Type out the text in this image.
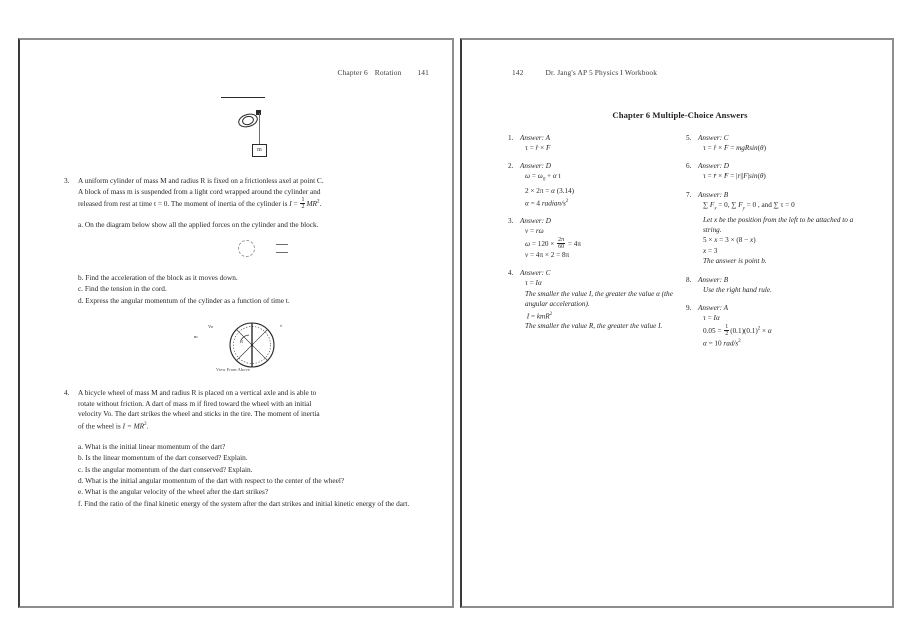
Chapter 6 Rotation 141
m
3.	A uniform cylinder of mass M and radius R is fixed on a frictionless axel at point C.
A block of mass m is suspended from a light cord wrapped around the cylinder and
released from rest at time t = 0. The moment of inertia of the cylinder is $I = \frac{1}{2} MR^2$.
a. On the diagram below show all the applied forces on the cylinder and the block.
b. Find the acceleration of the block as it moves down.
c. Find the tension in the cord.
d. Express the angular momentum of the cylinder as a function of time t.
Vo
m
v
R
View From Above
4.	A bicycle wheel of mass M and radius R is placed on a vertical axle and is able to
rotate without friction. A dart of mass m if fired toward the wheel with an initial
velocity Vo. The dart strikes the wheel and sticks in the tire. The moment of inertia
of the wheel is $I = MR^2$.
a. What is the initial linear momentum of the dart?
b. Is the linear momentum of the dart conserved? Explain.
c. Is the angular momentum of the dart conserved? Explain.
d. What is the initial angular momentum of the dart with respect to the center of the wheel?
e. What is the angular velocity of the wheel after the dart strikes?
f. Find the ratio of the final kinetic energy of the system after the dart strikes and initial kinetic energy of the dart.
142	Dr. Jang's AP 5 Physics I Workbook
Chapter 6 Multiple-Choice Answers
1. Answer: A
τ = r → × F →
2. Answer: D
$\omega = \omega_0 + \alpha$ t
2 × 2π = α (3.14)
α = 4 radian/$s^2$
3. Answer: D
v = rω
$\omega = 120 \times \frac{2\pi}{60} = 4\pi$
v = 4π × 2 = 8π
4. Answer: C
τ = Iα
The smaller the value I, the greater the value α (the angular acceleration).
I = kmR$^2$
The smaller the value R, the greater the value I.
5. Answer: C
τ = r → × F → = mgRsin(θ)
6. Answer: D
τ = r → × F → = |r||F|sin(θ)
7. Answer: B
∑ $F_x = 0$, ∑ $F_y = 0$ , and ∑ τ = 0
Let x be the position from the left to be attached to a string.
5 × x = 3 × (8 − x)
x = 3
The answer is point b.
8. Answer: B
Use the right hand rule.
9. Answer: A
τ = Iα
$0.05 = \frac{1}{2} (0.1)(0.1)^2 \times \alpha$
α = 10 rad/$s^2$
